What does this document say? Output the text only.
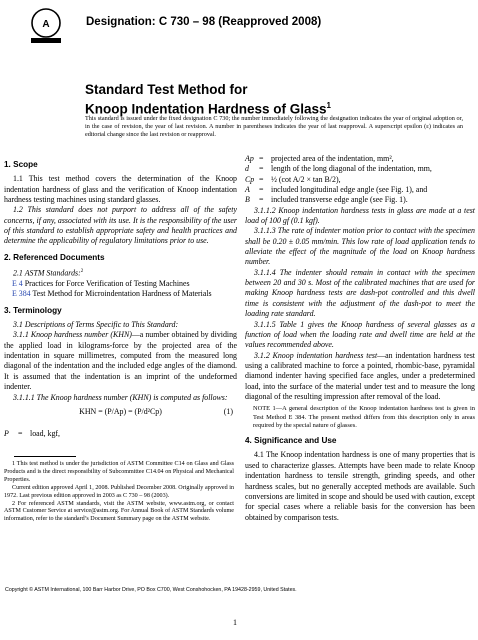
A	Designation: C 730 – 98 (Reapproved 2008)
Standard Test Method for
Knoop Indentation Hardness of Glass$^1$
This standard is issued under the fixed designation C 730; the number immediately following the designation indicates the year of original adoption or, in the case of revision, the year of last revision. A number in parentheses indicates the year of last reapproval. A superscript epsilon (ε) indicates an editorial change since the last revision or reapproval.
1. Scope

1.1 This test method covers the determination of the Knoop indentation hardness of glass and the verification of Knoop indentation hardness testing machines using standard glasses.

1.2 This standard does not purport to address all of the safety concerns, if any, associated with its use. It is the responsibility of the user of this standard to establish appropriate safety and health practices and determine the applicability of regulatory limitations prior to use.

2. Referenced Documents

2.1 ASTM Standards:$^2$

E 4 Practices for Force Verification of Testing Machines

E 384 Test Method for Microindentation Hardness of Materials

3. Terminology

3.1 Descriptions of Terms Specific to This Standard:

3.1.1 Knoop hardness number (KHN)—a number obtained by dividing the applied load in kilograms-force by the projected area of the indentation in square millimetres, computed from the measured long diagonal of the indentation and the included edge angles of the diamond. It is assumed that the indentation is an imprint of the undeformed indenter.

3.1.1.1 The Knoop hardness number (KHN) is computed as follows:

KHN = (P/Ap) = (P/d²Cp)	(1)
P	= load, kgf,

1 This test method is under the jurisdiction of ASTM Committee C14 on Glass and Glass Products and is the direct responsibility of Subcommittee C14.04 on Physical and Mechanical Properties.

Current edition approved April 1, 2008. Published December 2008. Originally approved in 1972. Last previous edition approved in 2003 as C 730 – 98 (2003).

2 For referenced ASTM standards, visit the ASTM website, www.astm.org, or contact ASTM Customer Service at service@astm.org. For Annual Book of ASTM Standards volume information, refer to the standard’s Document Summary page on the ASTM website.

Ap = projected area of the indentation, mm²,
d	= length of the long diagonal of the indentation, mm,
Cp = ½ (cot A/2 × tan B/2),
A	= included longitudinal edge angle (see Fig. 1), and
B	= included transverse edge angle (see Fig. 1).

3.1.1.2 Knoop indentation hardness tests in glass are made at a test load of 100 gf (0.1 kgf).

3.1.1.3 The rate of indenter motion prior to contact with the specimen shall be 0.20 ± 0.05 mm/min. This low rate of load application tends to alleviate the effect of the magnitude of the load on Knoop hardness number.

3.1.1.4 The indenter should remain in contact with the specimen between 20 and 30 s. Most of the calibrated machines that are used for making Knoop hardness tests are dash-pot controlled and this dwell time is consistent with the adjustment of the dash-pot to meet the loading rate standard.

3.1.1.5 Table 1 gives the Knoop hardness of several glasses as a function of load when the loading rate and dwell time are held at the values recommended above.

3.1.2 Knoop indentation hardness test—an indentation hardness test using a calibrated machine to force a pointed, rhombic-base, pyramidal diamond indenter having specified face angles, under a predetermined load, into the surface of the material under test and to measure the long diagonal of the resulting impression after removal of the load.

NOTE 1—A general description of the Knoop indentation hardness test is given in Test Method E 384. The present method differs from this description only in areas required by the special nature of glasses.

4. Significance and Use

4.1 The Knoop indentation hardness is one of many properties that is used to characterize glasses. Attempts have been made to relate Knoop indentation hardness to tensile strength, grinding speeds, and other hardness scales, but no generally accepted methods are available. Such conversions are limited in scope and should be used with caution, except for special cases where a reliable basis for the conversion has been obtained by comparison tests.

Copyright © ASTM International, 100 Barr Harbor Drive, PO Box C700, West Conshohocken, PA 19428-2959, United States.
1
